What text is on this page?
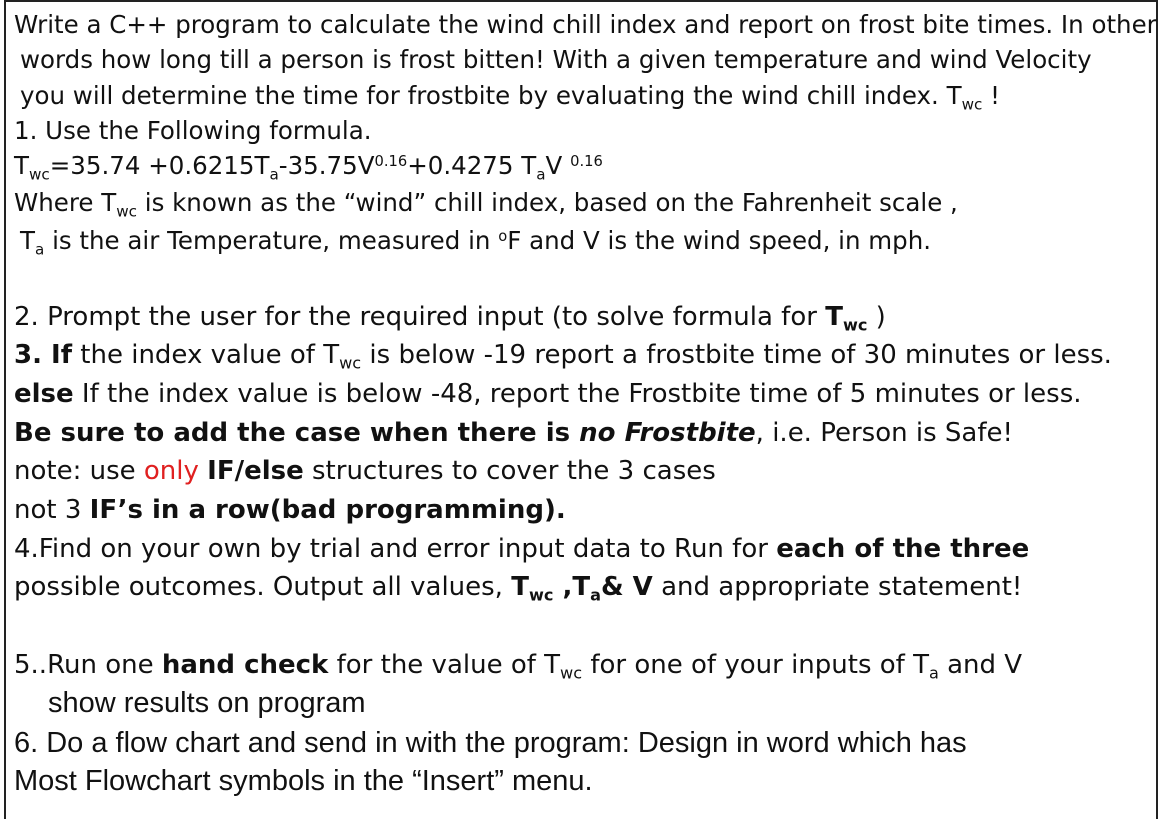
Write a C++ program to calculate the wind chill index and report on frost bite times. In other
words how long till a person is frost bitten! With a given temperature and wind Velocity
you will determine the time for frostbite by evaluating the wind chill index. $T_{wc}$ !
1. Use the Following formula.
$T_{wc}=35.74 +0.6215T_a-35.75V^{0.16}+0.4275$ $T_aV$ $^{0.16}$
Where $T_{wc}$ is known as the “wind” chill index, based on the Fahrenheit scale ,
$T_a$ is the air Temperature, measured in $^o$F and V is the wind speed, in mph.
2. Prompt the user for the required input (to solve formula for $T_{wc}$ )
3. If the index value of $T_{wc}$ is below -19 report a frostbite time of 30 minutes or less.
else If the index value is below -48, report the Frostbite time of 5 minutes or less.
Be sure to add the case when there is no Frostbite, i.e. Person is Safe!
note: use only IF/else structures to cover the 3 cases
not 3 IF’s in a row(bad programming).
4.Find on your own by trial and error input data to Run for each of the three
possible outcomes. Output all values, $T_{wc}$ $,T_a\&$ V and appropriate statement!
5..Run one hand check for the value of $T_{wc}$ for one of your inputs of $T_a$ and V
show results on program
6. Do a flow chart and send in with the program: Design in word which has
Most Flowchart symbols in the “Insert” menu.
